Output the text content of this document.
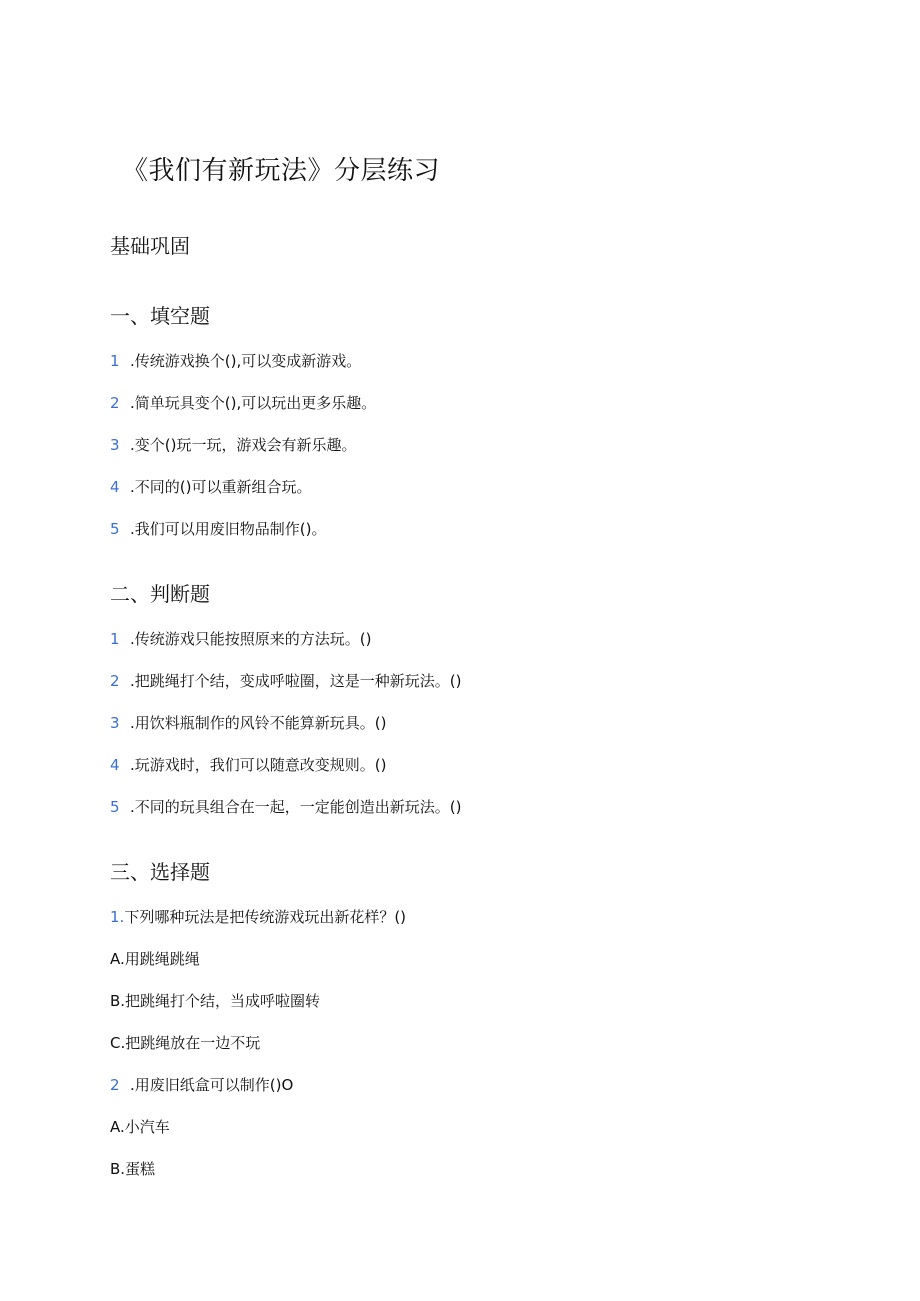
《我们有新玩法》分层练习
基础巩固
一、填空题
1 .传统游戏换个(),可以变成新游戏。
2 .简单玩具变个(),可以玩出更多乐趣。
3 .变个()玩一玩，游戏会有新乐趣。
4 .不同的()可以重新组合玩。
5 .我们可以用废旧物品制作()。
二、判断题
1 .传统游戏只能按照原来的方法玩。()
2 .把跳绳打个结，变成呼啦圈，这是一种新玩法。()
3 .用饮料瓶制作的风铃不能算新玩具。()
4 .玩游戏时，我们可以随意改变规则。()
5 .不同的玩具组合在一起，一定能创造出新玩法。()
三、选择题
1.下列哪种玩法是把传统游戏玩出新花样？()
A.用跳绳跳绳
B.把跳绳打个结，当成呼啦圈转
C.把跳绳放在一边不玩
2 .用废旧纸盒可以制作()O
A.小汽车
B.蛋糕
